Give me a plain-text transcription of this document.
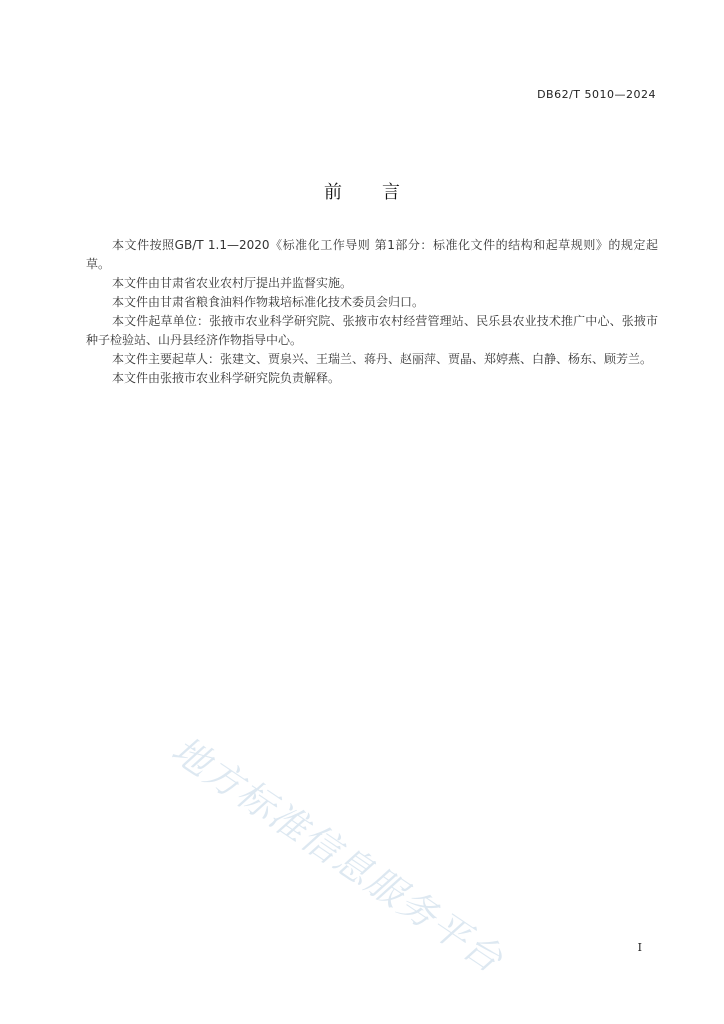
DB62/T 5010—2024
前言

本文件按照GB/T 1.1—2020《标准化工作导则 第1部分：标准化文件的结构和起草规则》的规定起草。

本文件由甘肃省农业农村厅提出并监督实施。

本文件由甘肃省粮食油料作物栽培标准化技术委员会归口。

本文件起草单位：张掖市农业科学研究院、张掖市农村经营管理站、民乐县农业技术推广中心、张掖市种子检验站、山丹县经济作物指导中心。

本文件主要起草人：张建文、贾泉兴、王瑞兰、蒋丹、赵丽萍、贾晶、郑婷燕、白静、杨东、顾芳兰。

本文件由张掖市农业科学研究院负责解释。

地方标准信息服务平台	I
